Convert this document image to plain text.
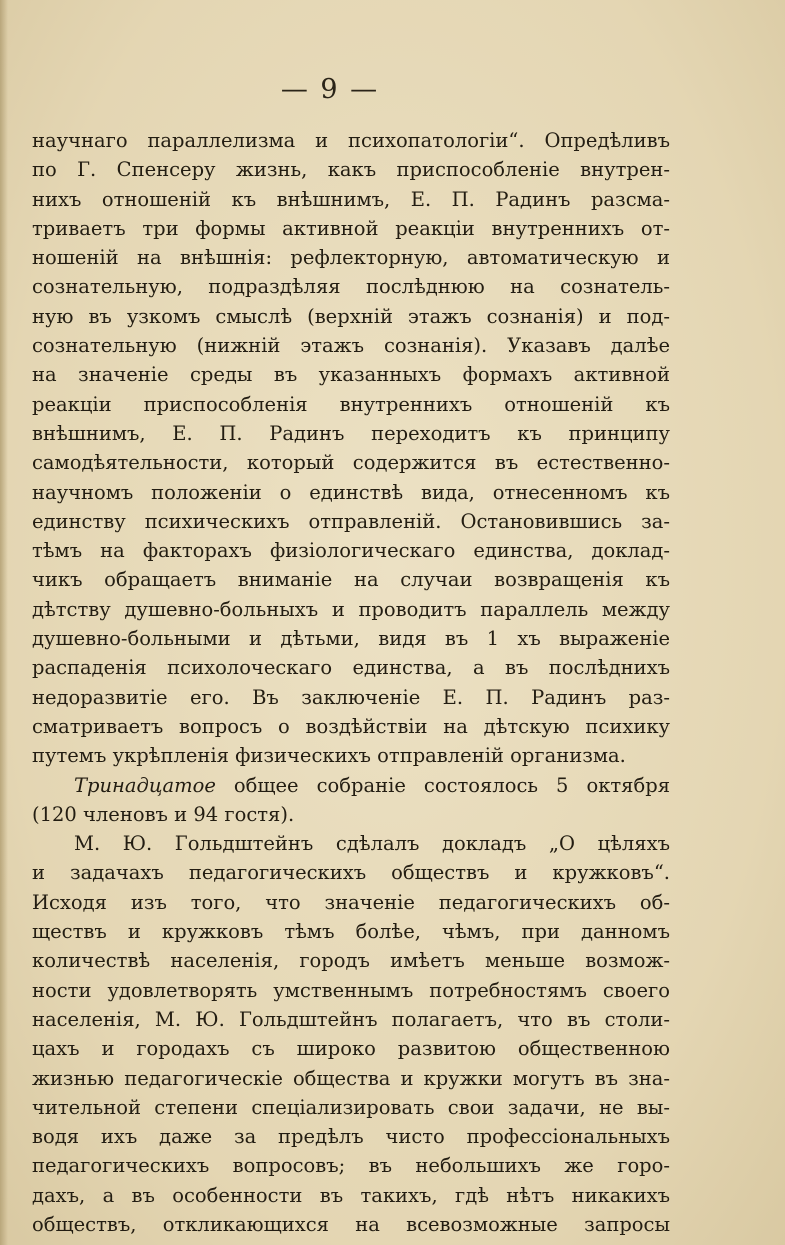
— 9 —
научнаго параллелизма и психопатологіи“. Опредѣливъ
по Г. Спенсеру жизнь, какъ приспособленіе внутрен-
нихъ отношеній къ внѣшнимъ, Е. П. Радинъ разсма-
триваетъ три формы активной реакціи внутреннихъ от-
ношеній на внѣшнія: рефлекторную, автоматическую и
сознательную, подраздѣляя послѣднюю на сознатель-
ную въ узкомъ смыслѣ (верхній этажъ сознанія) и под-
сознательную (нижній этажъ сознанія). Указавъ далѣе
на значеніе среды въ указанныхъ формахъ активной
реакціи приспособленія внутреннихъ отношеній къ
внѣшнимъ, Е. П. Радинъ переходитъ къ принципу
самодѣятельности, который содержится въ естественно-
научномъ положеніи о единствѣ вида, отнесенномъ къ
единству психическихъ отправленій. Остановившись за-
тѣмъ на факторахъ физіологическаго единства, доклад-
чикъ обращаетъ вниманіе на случаи возвращенія къ
дѣтству душевно-больныхъ и проводитъ параллель между
душевно-больными и дѣтьми, видя въ 1 хъ выраженіе
распаденія психолоческаго единства, а въ послѣднихъ
недоразвитіе его. Въ заключеніе Е. П. Радинъ раз-
сматриваетъ вопросъ о воздѣйствіи на дѣтскую психику
путемъ укрѣпленія физическихъ отправленій организма.
Тринадцатое общее собраніе состоялось 5 октября
(120 членовъ и 94 гостя).
М. Ю. Гольдштейнъ сдѣлалъ докладъ „О цѣляхъ
и задачахъ педагогическихъ обществъ и кружковъ“.
Исходя изъ того, что значеніе педагогическихъ об-
ществъ и кружковъ тѣмъ болѣе, чѣмъ, при данномъ
количествѣ населенія, городъ имѣетъ меньше возмож-
ности удовлетворять умственнымъ потребностямъ своего
населенія, М. Ю. Гольдштейнъ полагаетъ, что въ столи-
цахъ и городахъ съ широко развитою общественною
жизнью педагогическіе общества и кружки могутъ въ зна-
чительной степени спеціализировать свои задачи, не вы-
водя ихъ даже за предѣлъ чисто профессіональныхъ
педагогическихъ вопросовъ; въ небольшихъ же горо-
дахъ, а въ особенности въ такихъ, гдѣ нѣтъ никакихъ
обществъ, откликающихся на всевозможные запросы
